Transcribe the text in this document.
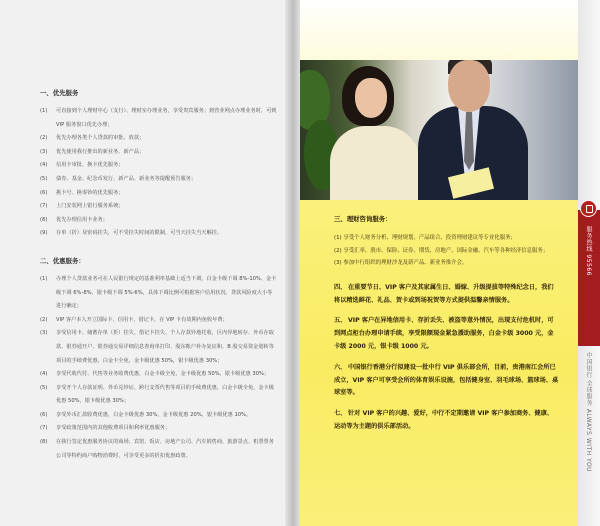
一、优先服务
(1) 可直接到个人理财中心（支行）、理财室办理业务，享受贵宾服务；到营业网点办理业务时，可到 VIP 服务窗口优先办理；
(2) 优先办理各类个人贷款的审批、放款；
(3) 优先使用我行推出的新业务、新产品；
(4) 信用卡审批、换卡优先服务；
(5) 债券、基金、纪念币发行、新产品、新业务等提醒预告服务；
(6) 挑卡号、换零钞的优先服务；
(7) 上门安装网上银行服务系统；
(8) 优先办理信用卡业务；
(9) 存单（折）及密码挂失，可不受挂失时间的限制，可当天挂失当天解挂。
二、优惠服务：
(1) 办理个人贷款业务可在人民银行规定的基准利率基础上适当下调，白金卡级下调 8%-10%、金卡级下调 6%-8%、银卡级下调 5%-6%，具体下调比例可根据客户信用状况、贷款风险度大小等进行确定；
(2) VIP 客户本人开立国际卡、信用卡、借记卡，在 VIP 卡有效期内免收年费；
(3) 享受信用卡、储蓄存单（折）挂失、借记卡挂失、个人存款异地托收、区内异地转存、外币存取款、银券通开户、银券通交易详细信息查询单打印、股东帐户补办复证和、B 股交易资金划转等项目的手续费优惠，白金卡全免，金卡级优惠 50%，银卡级优惠 30%；
(4) 享受代收代付、代售等业务收费优惠，白金卡级全免，金卡级优惠 50%，银卡级优惠 30%；
(5) 享受开个人存款证明、外币兑钞证、跨行支票代售等项目的手续费优惠，白金卡级全免，金卡级优惠 50%，银卡级优惠 30%；
(6) 享受外币汇款收费优惠，白金卡级优惠 30%，金卡级优惠 20%，银卡级优惠 10%。
(7) 享受政策范围内的其他收费项目和利率优惠服务；
(8) 在我行签定优惠服务协议的商场、宾馆、饭店、房地产公司、汽车销售商、旅游景点、机票票务公司等特约商户购物消费时，可享受更多的折扣优惠政策。
三、理财咨询服务：
(1) 享受个人财务分析、理财规划、产品组合、投资理财建议等专业化服务；
(2) 享受汇率、股市、保险、证券、期货、房地产、国际金融、汽车等各种经济信息服务；
(3) 参加中行组织的理财沙龙及新产品、新业务推介会。

四、 在重要节日、VIP 客户及其家属生日、婚嫁、升级提拔等特殊纪念日，我们将以精选鲜花、礼品、贺卡或到场祝贺等方式提供温馨亲情服务。

五、 VIP 客户在异地信用卡、存折丢失、被盗等意外情况，出现支付危机时，可到网点柜台办理申请手续，享受限额现金紧急援助服务，白金卡级 3000 元，金卡级 2000 元，银卡级 1000 元。

六、 中国银行香港分行拟建设一批中行 VIP 俱乐部会所，目前，贵港南江会所已成立，VIP 客户可享受会所的体育娱乐设施，包括健身室、羽毛球场、篮球场、桌球室等。

七、 针对 VIP 客户的兴趣、爱好，中行不定期邀请 VIP 客户参加商务、健康、运动等为主题的俱乐部活动。

服务热线 95566
中国银行 全球服务 ALWAYS WITH YOU
